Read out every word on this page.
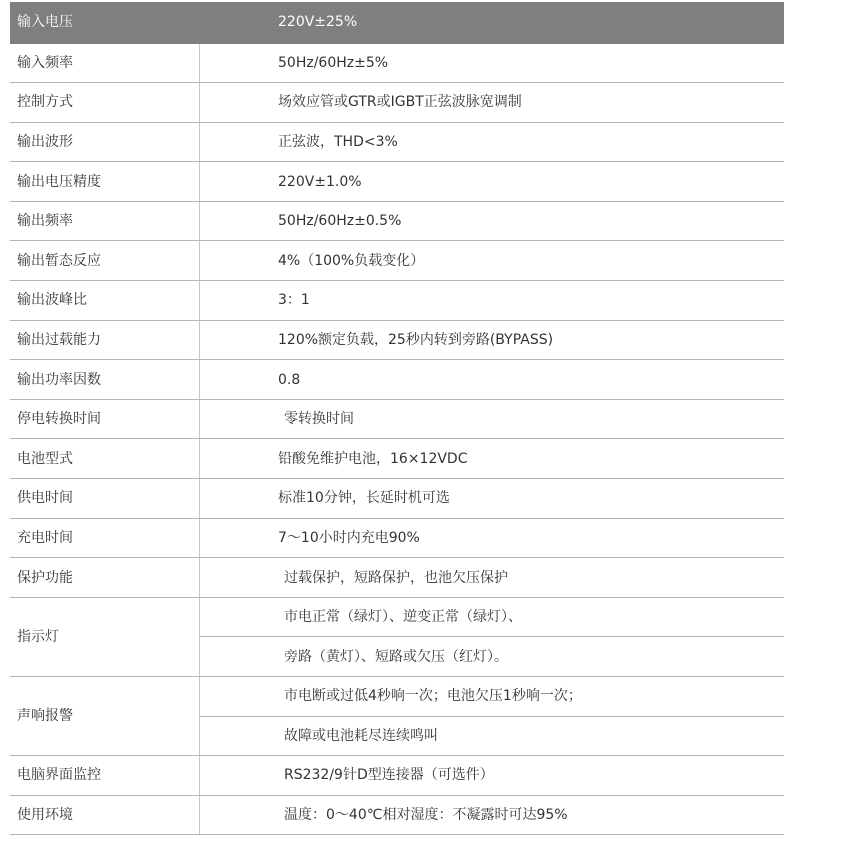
输入电压	220V±25%
输入频率	50Hz/60Hz±5%
控制方式	场效应管或GTR或IGBT正弦波脉宽调制
输出波形	正弦波，THD<3%
输出电压精度	220V±1.0%
输出频率	50Hz/60Hz±0.5%
输出暂态反应	4%（100%负载变化）
输出波峰比	3：1
输出过载能力	120%额定负载，25秒内转到旁路(BYPASS)
输出功率因数	0.8
停电转换时间	零转换时间
电池型式	铅酸免维护电池，16×12VDC
供电时间	标准10分钟，长延时机可选
充电时间	7～10小时内充电90%
保护功能	过载保护，短路保护，也池欠压保护
指示灯	市电正常（绿灯）、逆变正常（绿灯）、
	旁路（黄灯）、短路或欠压（红灯）。
声响报警	市电断或过低4秒响一次；电池欠压1秒响一次；
	故障或电池耗尽连续鸣叫
电脑界面监控	RS232/9针D型连接器（可选件）
使用环境	温度：0～40℃相对湿度：不凝露时可达95%
